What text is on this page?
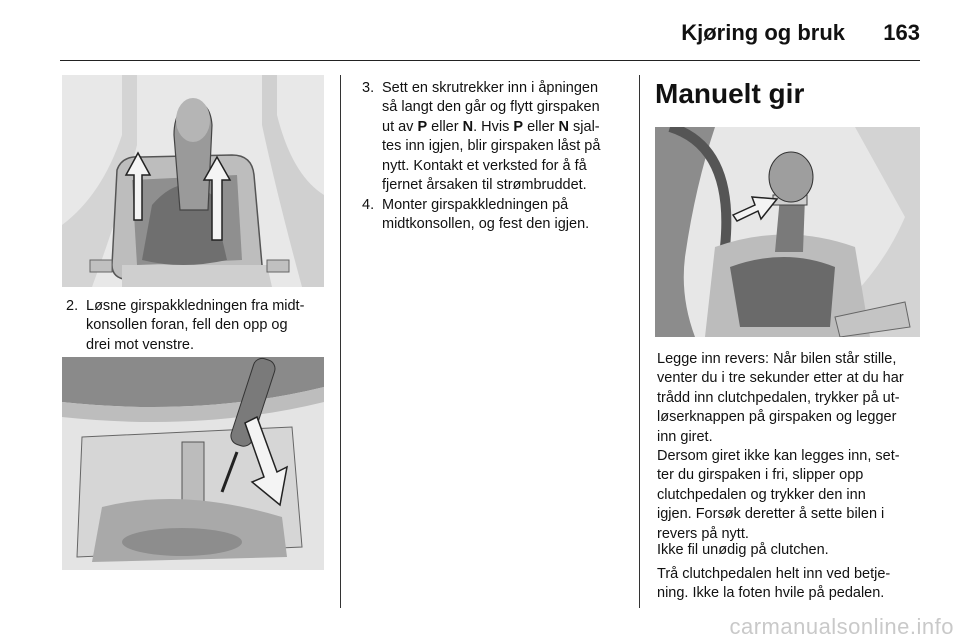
Kjøring og bruk 163
2. Løsne girspakkledningen fra midt-
konsollen foran, fell den opp og
drei mot venstre.
3. Sett en skrutrekker inn i åpningen
så langt den går og flytt girspaken
ut av P eller N. Hvis P eller N sjal-
tes inn igjen, blir girspaken låst på
nytt. Kontakt et verksted for å få
fjernet årsaken til strømbruddet.
4. Monter girspakkledningen på
midtkonsollen, og fest den igjen.
Manuelt gir
Legge inn revers: Når bilen står stille,
venter du i tre sekunder etter at du har
trådd inn clutchpedalen, trykker på ut-
løserknappen på girspaken og legger
inn giret.
Dersom giret ikke kan legges inn, set-
ter du girspaken i fri, slipper opp
clutchpedalen og trykker den inn
igjen. Forsøk deretter å sette bilen i
revers på nytt.
Ikke fil unødig på clutchen.
Trå clutchpedalen helt inn ved betje-
ning. Ikke la foten hvile på pedalen.
carmanualsonline.info
